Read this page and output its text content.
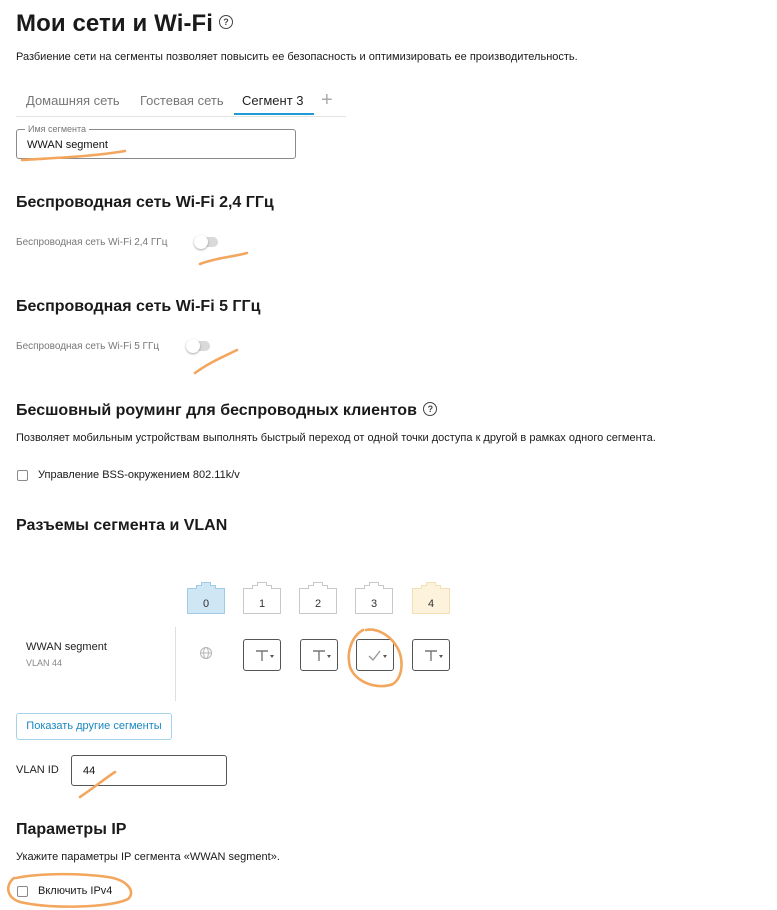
Мои сети и Wi-Fi ?
Разбиение сети на сегменты позволяет повысить ее безопасность и оптимизировать ее производительность.
Домашняя сеть Гостевая сеть Сегмент 3 +
Имя сегмента
WWAN segment
Беспроводная сеть Wi-Fi 2,4 ГГц
Беспроводная сеть Wi-Fi 2,4 ГГц
Беспроводная сеть Wi-Fi 5 ГГц
Беспроводная сеть Wi-Fi 5 ГГц
Бесшовный роуминг для беспроводных клиентов ?
Позволяет мобильным устройствам выполнять быстрый переход от одной точки доступа к другой в рамках одного сегмента.
Управление BSS-окружением 802.11k/v
Разъемы сегмента и VLAN
0	1	2	3	4
WWAN segment
VLAN 44
Показать другие сегменты
VLAN ID 44
Параметры IP
Укажите параметры IP сегмента «WWAN segment».
Включить IPv4
